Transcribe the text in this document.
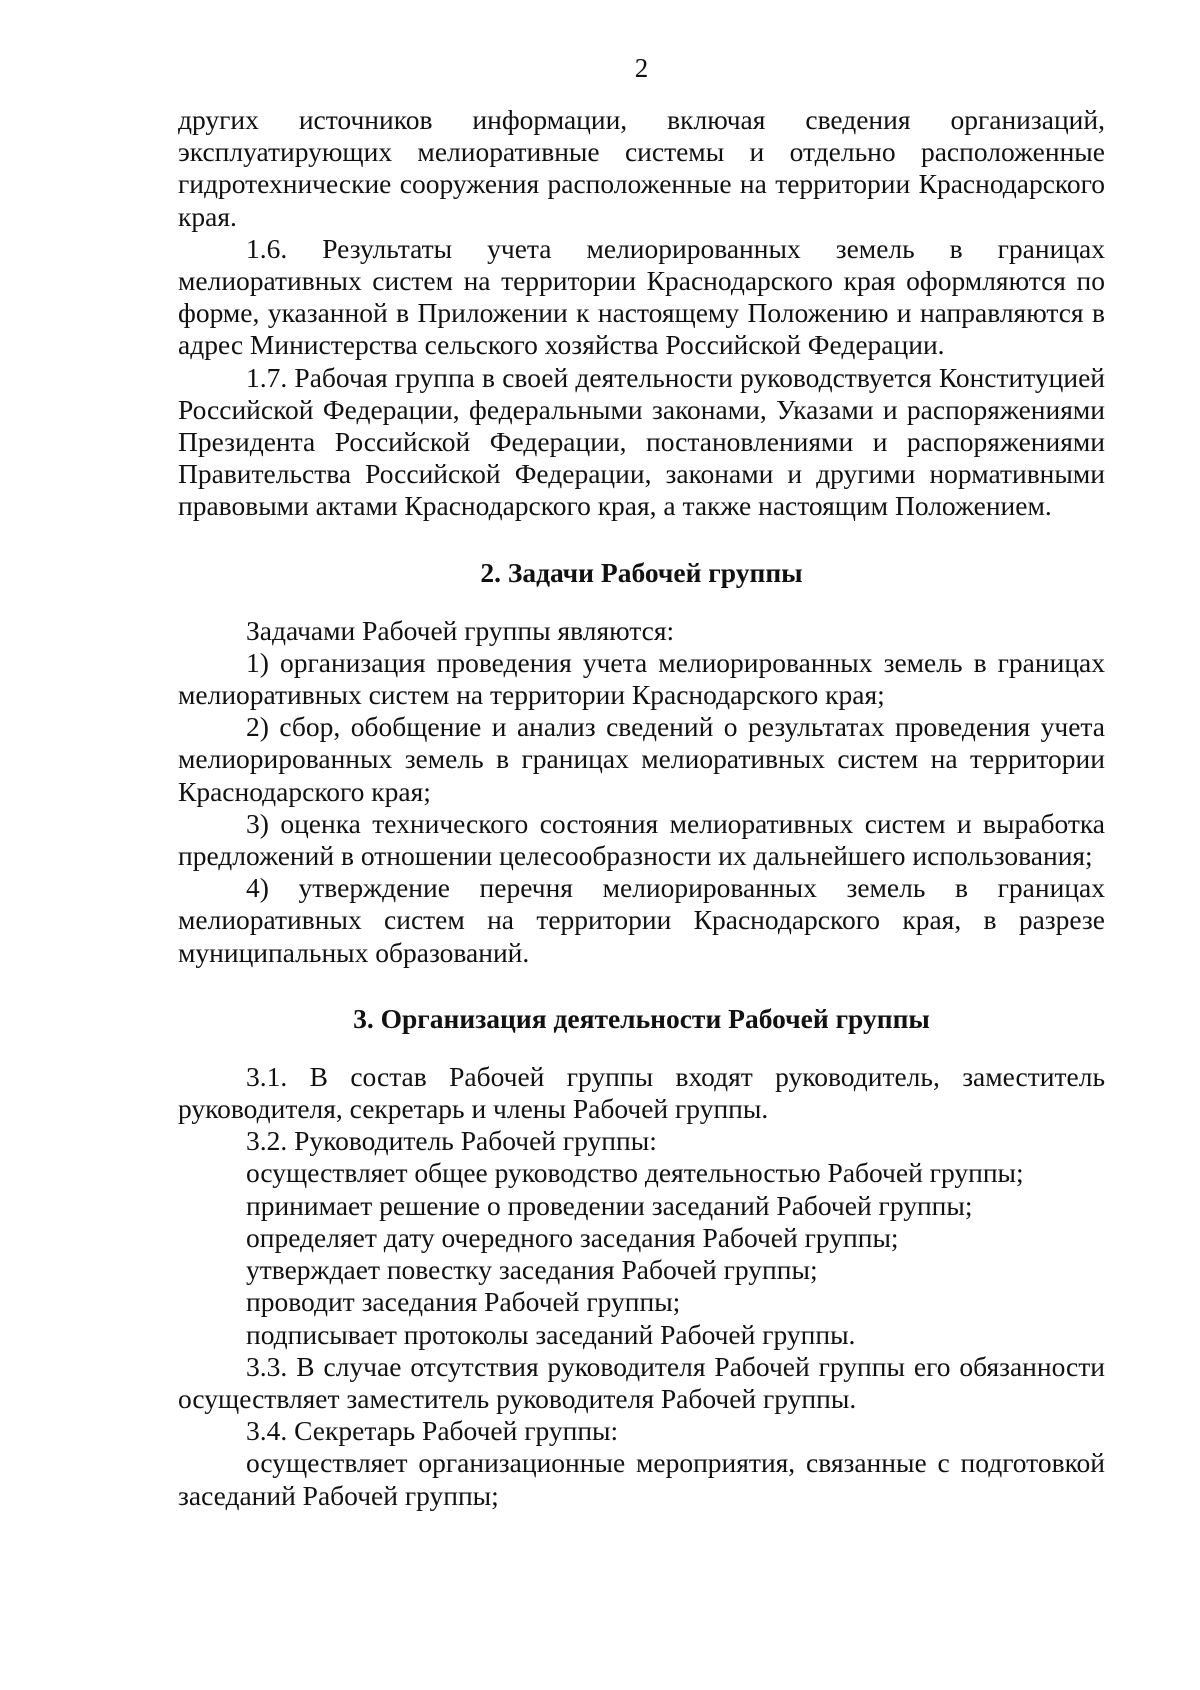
2

других источников информации, включая сведения организаций,

эксплуатирующих мелиоративные системы и отдельно расположенные гидротехнические сооружения расположенные на территории Краснодарского края.

1.6. Результаты учета мелиорированных земель в границах мелиоративных систем на территории Краснодарского края оформляются по форме, указанной в Приложении к настоящему Положению и направляются в адрес Министерства сельского хозяйства Российской Федерации.

1.7. Рабочая группа в своей деятельности руководствуется Конституцией Российской Федерации, федеральными законами, Указами и распоряжениями Президента Российской Федерации, постановлениями и распоряжениями Правительства Российской Федерации, законами и другими нормативными правовыми актами Краснодарского края, а также настоящим Положением.

2. Задачи Рабочей группы

Задачами Рабочей группы являются:

1) организация проведения учета мелиорированных земель в границах мелиоративных систем на территории Краснодарского края;

2) сбор, обобщение и анализ сведений о результатах проведения учета мелиорированных земель в границах мелиоративных систем на территории Краснодарского края;

3) оценка технического состояния мелиоративных систем и выработка предложений в отношении целесообразности их дальнейшего использования;

4) утверждение перечня мелиорированных земель в границах мелиоративных систем на территории Краснодарского края, в разрезе муниципальных образований.

3. Организация деятельности Рабочей группы

3.1. В состав Рабочей группы входят руководитель, заместитель руководителя, секретарь и члены Рабочей группы.

3.2. Руководитель Рабочей группы:

осуществляет общее руководство деятельностью Рабочей группы;

принимает решение о проведении заседаний Рабочей группы;

определяет дату очередного заседания Рабочей группы;

утверждает повестку заседания Рабочей группы;

проводит заседания Рабочей группы;

подписывает протоколы заседаний Рабочей группы.

3.3. В случае отсутствия руководителя Рабочей группы его обязанности осуществляет заместитель руководителя Рабочей группы.

3.4. Секретарь Рабочей группы:

осуществляет организационные мероприятия, связанные с подготовкой заседаний Рабочей группы;
